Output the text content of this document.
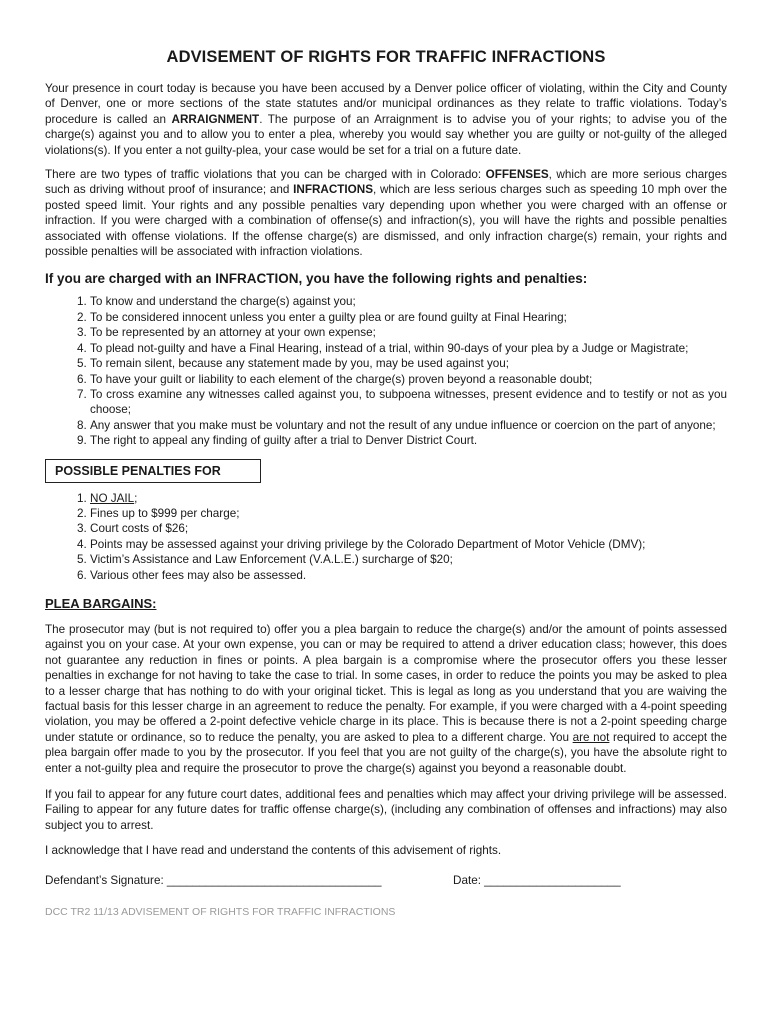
ADVISEMENT OF RIGHTS FOR TRAFFIC INFRACTIONS

Your presence in court today is because you have been accused by a Denver police officer of violating, within the City and County of Denver, one or more sections of the state statutes and/or municipal ordinances as they relate to traffic violations. Today’s procedure is called an ARRAIGNMENT. The purpose of an Arraignment is to advise you of your rights; to advise you of the charge(s) against you and to allow you to enter a plea, whereby you would say whether you are guilty or not-guilty of the alleged violations(s). If you enter a not guilty-plea, your case would be set for a trial on a future date.

There are two types of traffic violations that you can be charged with in Colorado: OFFENSES, which are more serious charges such as driving without proof of insurance; and INFRACTIONS, which are less serious charges such as speeding 10 mph over the posted speed limit. Your rights and any possible penalties vary depending upon whether you were charged with an offense or infraction. If you were charged with a combination of offense(s) and infraction(s), you will have the rights and possible penalties associated with offense violations. If the offense charge(s) are dismissed, and only infraction charge(s) remain, your rights and possible penalties will be associated with infraction violations.

If you are charged with an INFRACTION, you have the following rights and penalties:
1. To know and understand the charge(s) against you;
2. To be considered innocent unless you enter a guilty plea or are found guilty at Final Hearing;
3. To be represented by an attorney at your own expense;
4. To plead not-guilty and have a Final Hearing, instead of a trial, within 90-days of your plea by a Judge or Magistrate;
5. To remain silent, because any statement made by you, may be used against you;
6. To have your guilt or liability to each element of the charge(s) proven beyond a reasonable doubt;
7. To cross examine any witnesses called against you, to subpoena witnesses, present evidence and to testify or not as you choose;
8. Any answer that you make must be voluntary and not the result of any undue influence or coercion on the part of anyone;
9. The right to appeal any finding of guilty after a trial to Denver District Court.
POSSIBLE PENALTIES FOR
1. NO JAIL;
2. Fines up to $999 per charge;
3. Court costs of $26;
4. Points may be assessed against your driving privilege by the Colorado Department of Motor Vehicle (DMV);
5. Victim’s Assistance and Law Enforcement (V.A.L.E.) surcharge of $20;
6. Various other fees may also be assessed.
PLEA BARGAINS:

The prosecutor may (but is not required to) offer you a plea bargain to reduce the charge(s) and/or the amount of points assessed against you on your case. At your own expense, you can or may be required to attend a driver education class; however, this does not guarantee any reduction in fines or points. A plea bargain is a compromise where the prosecutor offers you these lesser penalties in exchange for not having to take the case to trial. In some cases, in order to reduce the points you may be asked to plea to a lesser charge that has nothing to do with your original ticket. This is legal as long as you understand that you are waiving the factual basis for this lesser charge in an agreement to reduce the penalty. For example, if you were charged with a 4-point speeding violation, you may be offered a 2-point defective vehicle charge in its place. This is because there is not a 2-point speeding charge under statute or ordinance, so to reduce the penalty, you are asked to plea to a different charge. You are not required to accept the plea bargain offer made to you by the prosecutor. If you feel that you are not guilty of the charge(s), you have the absolute right to enter a not-guilty plea and require the prosecutor to prove the charge(s) against you beyond a reasonable doubt.

If you fail to appear for any future court dates, additional fees and penalties which may affect your driving privilege will be assessed. Failing to appear for any future dates for traffic offense charge(s), (including any combination of offenses and infractions) may also subject you to arrest.

I acknowledge that I have read and understand the contents of this advisement of rights.

Defendant’s Signature: _________________________________	Date: _____________________
DCC TR2 11/13 ADVISEMENT OF RIGHTS FOR TRAFFIC INFRACTIONS
